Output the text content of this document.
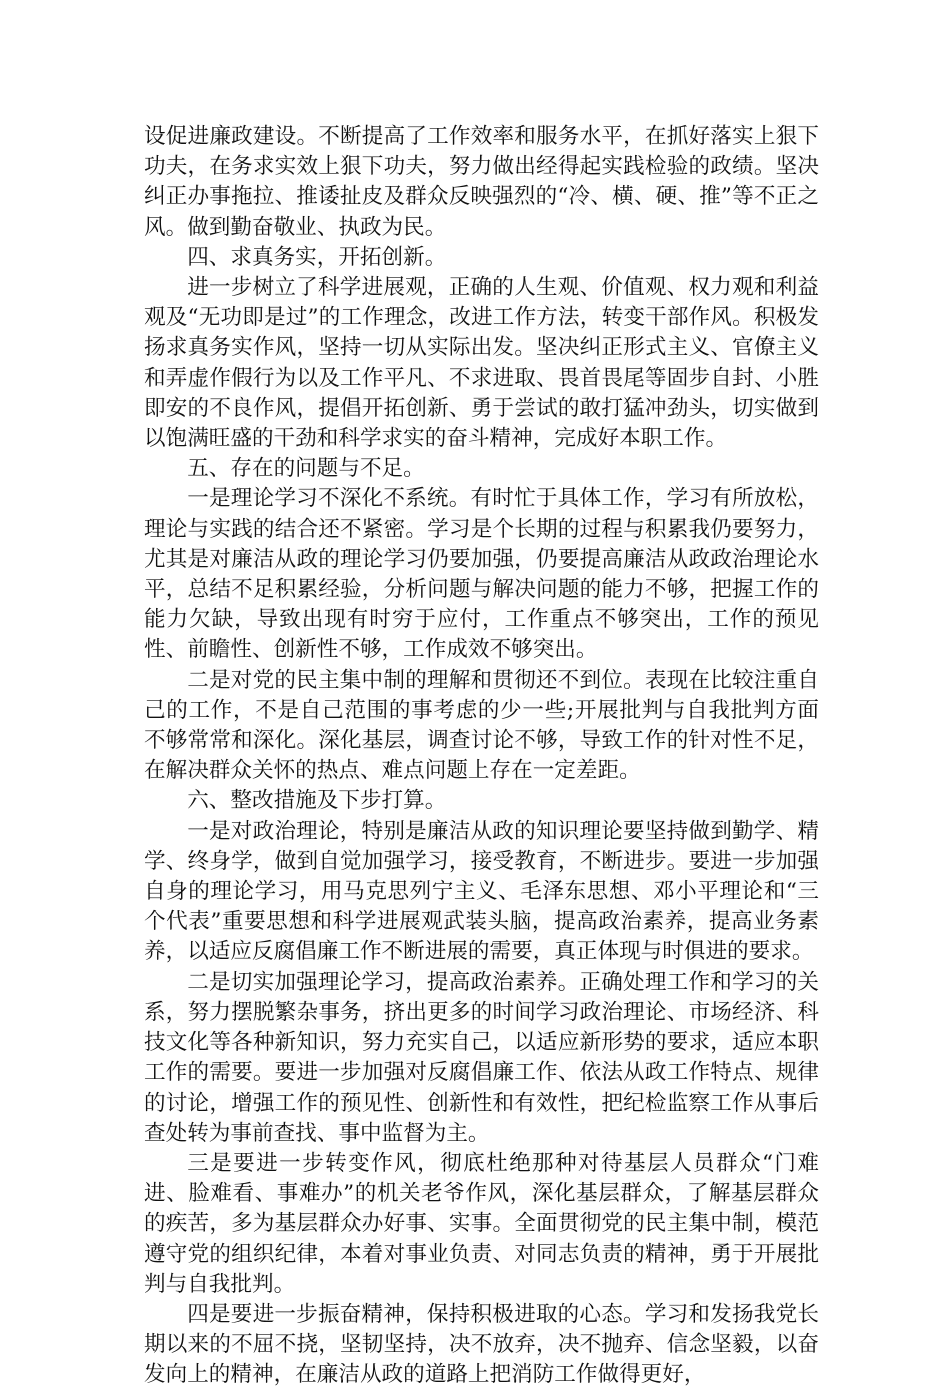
设促进廉政建设。不断提高了工作效率和服务水平，在抓好落实上狠下功夫，在务求实效上狠下功夫，努力做出经得起实践检验的政绩。坚决纠正办事拖拉、推诿扯皮及群众反映强烈的“冷、横、硬、推”等不正之风。做到勤奋敬业、执政为民。

四、求真务实，开拓创新。

进一步树立了科学进展观，正确的人生观、价值观、权力观和利益观及“无功即是过”的工作理念，改进工作方法，转变干部作风。积极发扬求真务实作风，坚持一切从实际出发。坚决纠正形式主义、官僚主义和弄虚作假行为以及工作平凡、不求进取、畏首畏尾等固步自封、小胜即安的不良作风，提倡开拓创新、勇于尝试的敢打猛冲劲头，切实做到以饱满旺盛的干劲和科学求实的奋斗精神，完成好本职工作。

五、存在的问题与不足。

一是理论学习不深化不系统。有时忙于具体工作，学习有所放松，理论与实践的结合还不紧密。学习是个长期的过程与积累我仍要努力，尤其是对廉洁从政的理论学习仍要加强，仍要提高廉洁从政政治理论水平，总结不足积累经验，分析问题与解决问题的能力不够，把握工作的能力欠缺，导致出现有时穷于应付，工作重点不够突出，工作的预见性、前瞻性、创新性不够，工作成效不够突出。

二是对党的民主集中制的理解和贯彻还不到位。表现在比较注重自己的工作，不是自己范围的事考虑的少一些;开展批判与自我批判方面不够常常和深化。深化基层，调查讨论不够，导致工作的针对性不足，在解决群众关怀的热点、难点问题上存在一定差距。

六、整改措施及下步打算。

一是对政治理论，特别是廉洁从政的知识理论要坚持做到勤学、精学、终身学，做到自觉加强学习，接受教育，不断进步。要进一步加强自身的理论学习，用马克思列宁主义、毛泽东思想、邓小平理论和“三个代表”重要思想和科学进展观武装头脑，提高政治素养，提高业务素养，以适应反腐倡廉工作不断进展的需要，真正体现与时俱进的要求。

二是切实加强理论学习，提高政治素养。正确处理工作和学习的关系，努力摆脱繁杂事务，挤出更多的时间学习政治理论、市场经济、科技文化等各种新知识，努力充实自己，以适应新形势的要求，适应本职工作的需要。要进一步加强对反腐倡廉工作、依法从政工作特点、规律的讨论，增强工作的预见性、创新性和有效性，把纪检监察工作从事后查处转为事前查找、事中监督为主。

三是要进一步转变作风，彻底杜绝那种对待基层人员群众“门难进、脸难看、事难办”的机关老爷作风，深化基层群众，了解基层群众的疾苦，多为基层群众办好事、实事。全面贯彻党的民主集中制，模范遵守党的组织纪律，本着对事业负责、对同志负责的精神，勇于开展批判与自我批判。

四是要进一步振奋精神，保持积极进取的心态。学习和发扬我党长期以来的不屈不挠，坚韧坚持，决不放弃，决不抛弃、信念坚毅，以奋发向上的精神，在廉洁从政的道路上把消防工作做得更好，
